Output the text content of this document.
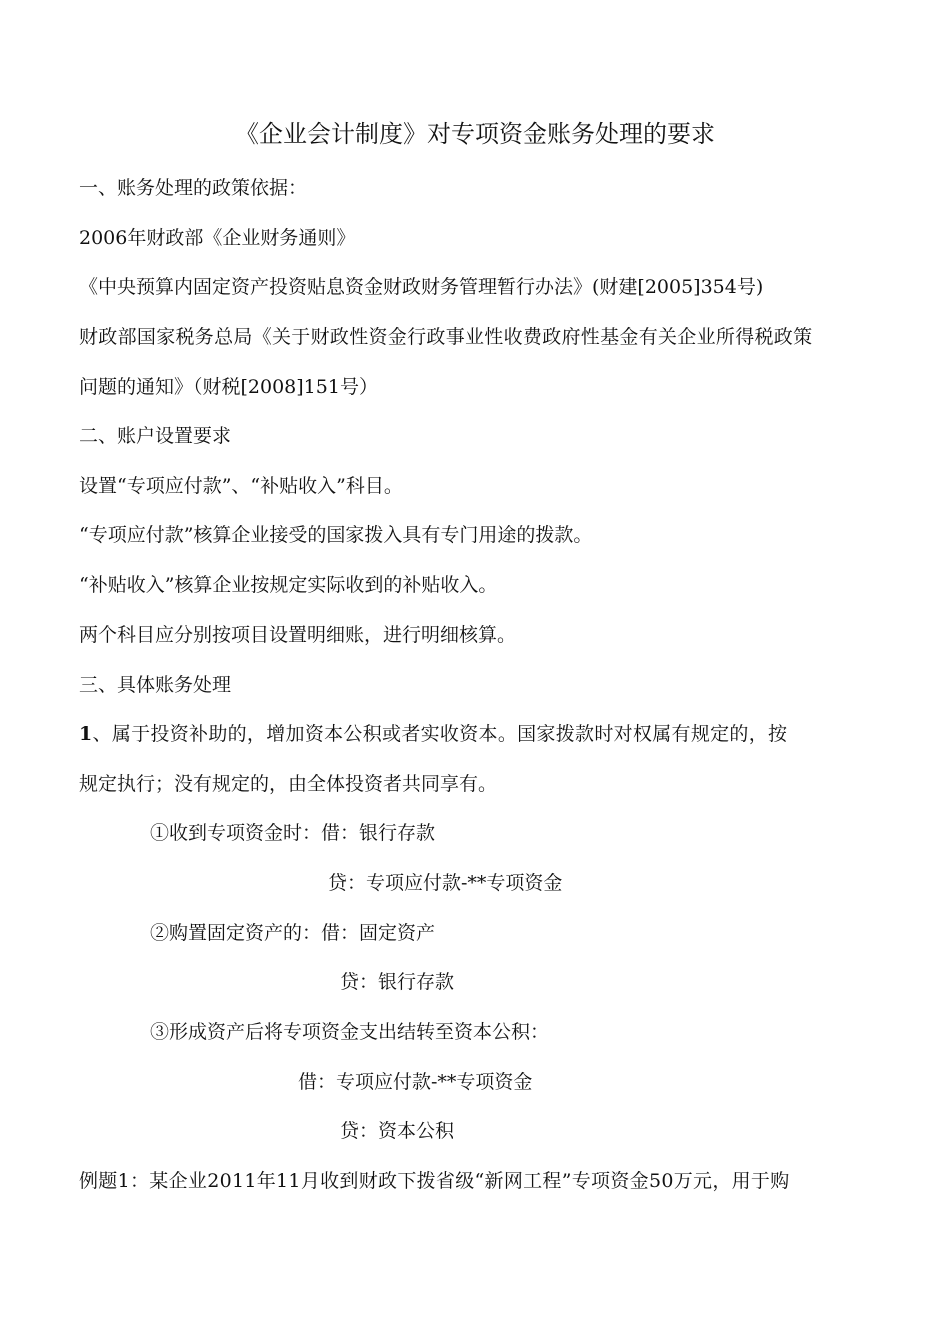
《企业会计制度》对专项资金账务处理的要求
一、账务处理的政策依据：
2006年财政部《企业财务通则》
《中央预算内固定资产投资贴息资金财政财务管理暂行办法》(财建[2005]354号)
财政部国家税务总局《关于财政性资金行政事业性收费政府性基金有关企业所得税政策
问题的通知》（财税[2008]151号）
二、账户设置要求
设置“专项应付款”、“补贴收入”科目。
“专项应付款”核算企业接受的国家拨入具有专门用途的拨款。
“补贴收入”核算企业按规定实际收到的补贴收入。
两个科目应分别按项目设置明细账，进行明细核算。
三、具体账务处理
1、属于投资补助的，增加资本公积或者实收资本。国家拨款时对权属有规定的，按
规定执行；没有规定的，由全体投资者共同享有。
①收到专项资金时：借：银行存款
贷：专项应付款-**专项资金
②购置固定资产的：借：固定资产
贷：银行存款
③形成资产后将专项资金支出结转至资本公积：
借：专项应付款-**专项资金
贷：资本公积
例题1：某企业2011年11月收到财政下拨省级“新网工程”专项资金50万元，用于购
